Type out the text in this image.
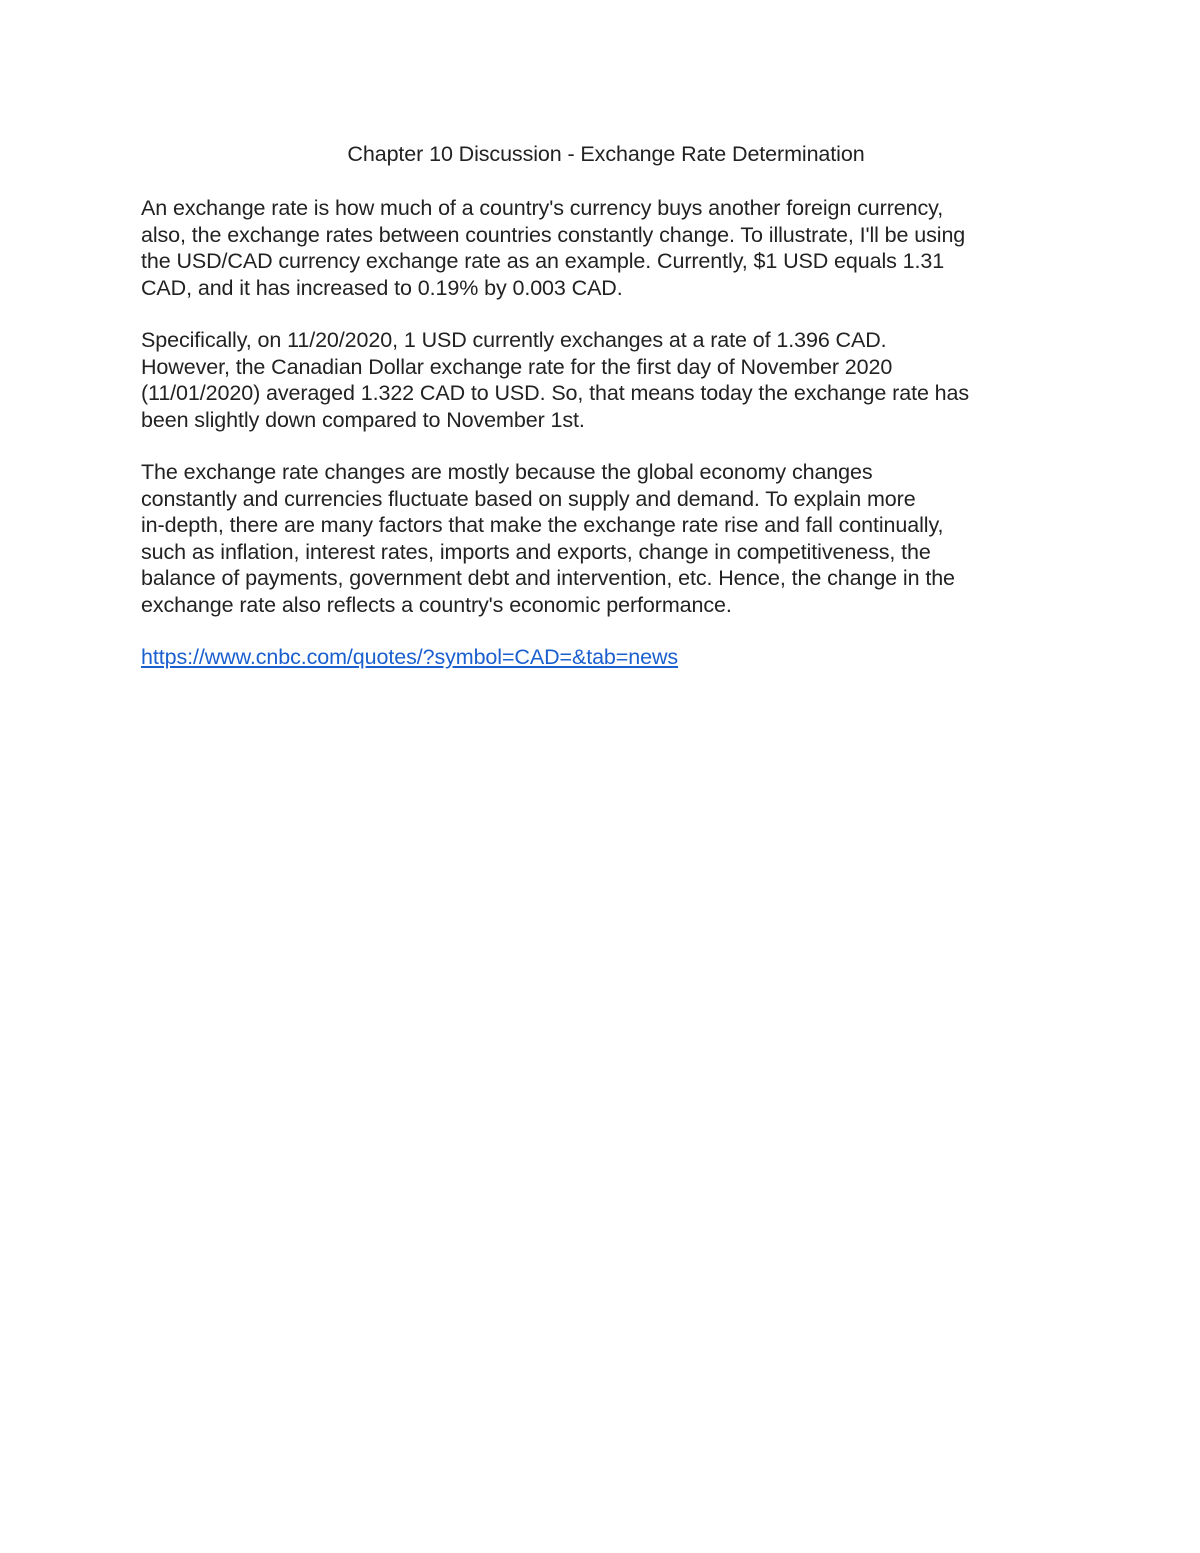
Chapter 10 Discussion - Exchange Rate Determination

An exchange rate is how much of a country's currency buys another foreign currency,
also, the exchange rates between countries constantly change. To illustrate, I'll be using
the USD/CAD currency exchange rate as an example. Currently, $1 USD equals 1.31
CAD, and it has increased to 0.19% by 0.003 CAD.

Specifically, on 11/20/2020, 1 USD currently exchanges at a rate of 1.396 CAD.
However, the Canadian Dollar exchange rate for the first day of November 2020
(11/01/2020) averaged 1.322 CAD to USD. So, that means today the exchange rate has
been slightly down compared to November 1st.

The exchange rate changes are mostly because the global economy changes
constantly and currencies fluctuate based on supply and demand. To explain more
in-depth, there are many factors that make the exchange rate rise and fall continually,
such as inflation, interest rates, imports and exports, change in competitiveness, the
balance of payments, government debt and intervention, etc. Hence, the change in the
exchange rate also reflects a country's economic performance.

https://www.cnbc.com/quotes/?symbol=CAD=&tab=news
